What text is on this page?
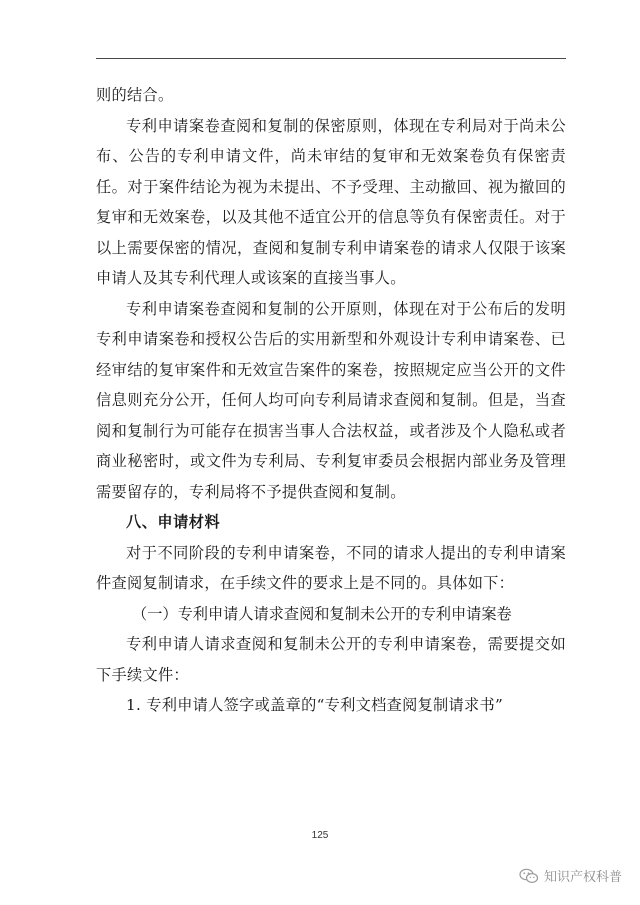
则的结合。

专利申请案卷查阅和复制的保密原则，体现在专利局对于尚未公布、公告的专利申请文件，尚未审结的复审和无效案卷负有保密责任。对于案件结论为视为未提出、不予受理、主动撤回、视为撤回的复审和无效案卷，以及其他不适宜公开的信息等负有保密责任。对于以上需要保密的情况，查阅和复制专利申请案卷的请求人仅限于该案申请人及其专利代理人或该案的直接当事人。

专利申请案卷查阅和复制的公开原则，体现在对于公布后的发明专利申请案卷和授权公告后的实用新型和外观设计专利申请案卷、已经审结的复审案件和无效宣告案件的案卷，按照规定应当公开的文件信息则充分公开，任何人均可向专利局请求查阅和复制。但是，当查阅和复制行为可能存在损害当事人合法权益，或者涉及个人隐私或者商业秘密时，或文件为专利局、专利复审委员会根据内部业务及管理需要留存的，专利局将不予提供查阅和复制。

八、申请材料

对于不同阶段的专利申请案卷，不同的请求人提出的专利申请案件查阅复制请求，在手续文件的要求上是不同的。具体如下：

（一）专利申请人请求查阅和复制未公开的专利申请案卷

专利申请人请求查阅和复制未公开的专利申请案卷，需要提交如下手续文件：

1. 专利申请人签字或盖章的“专利文档查阅复制请求书”

125
知识产权科普
